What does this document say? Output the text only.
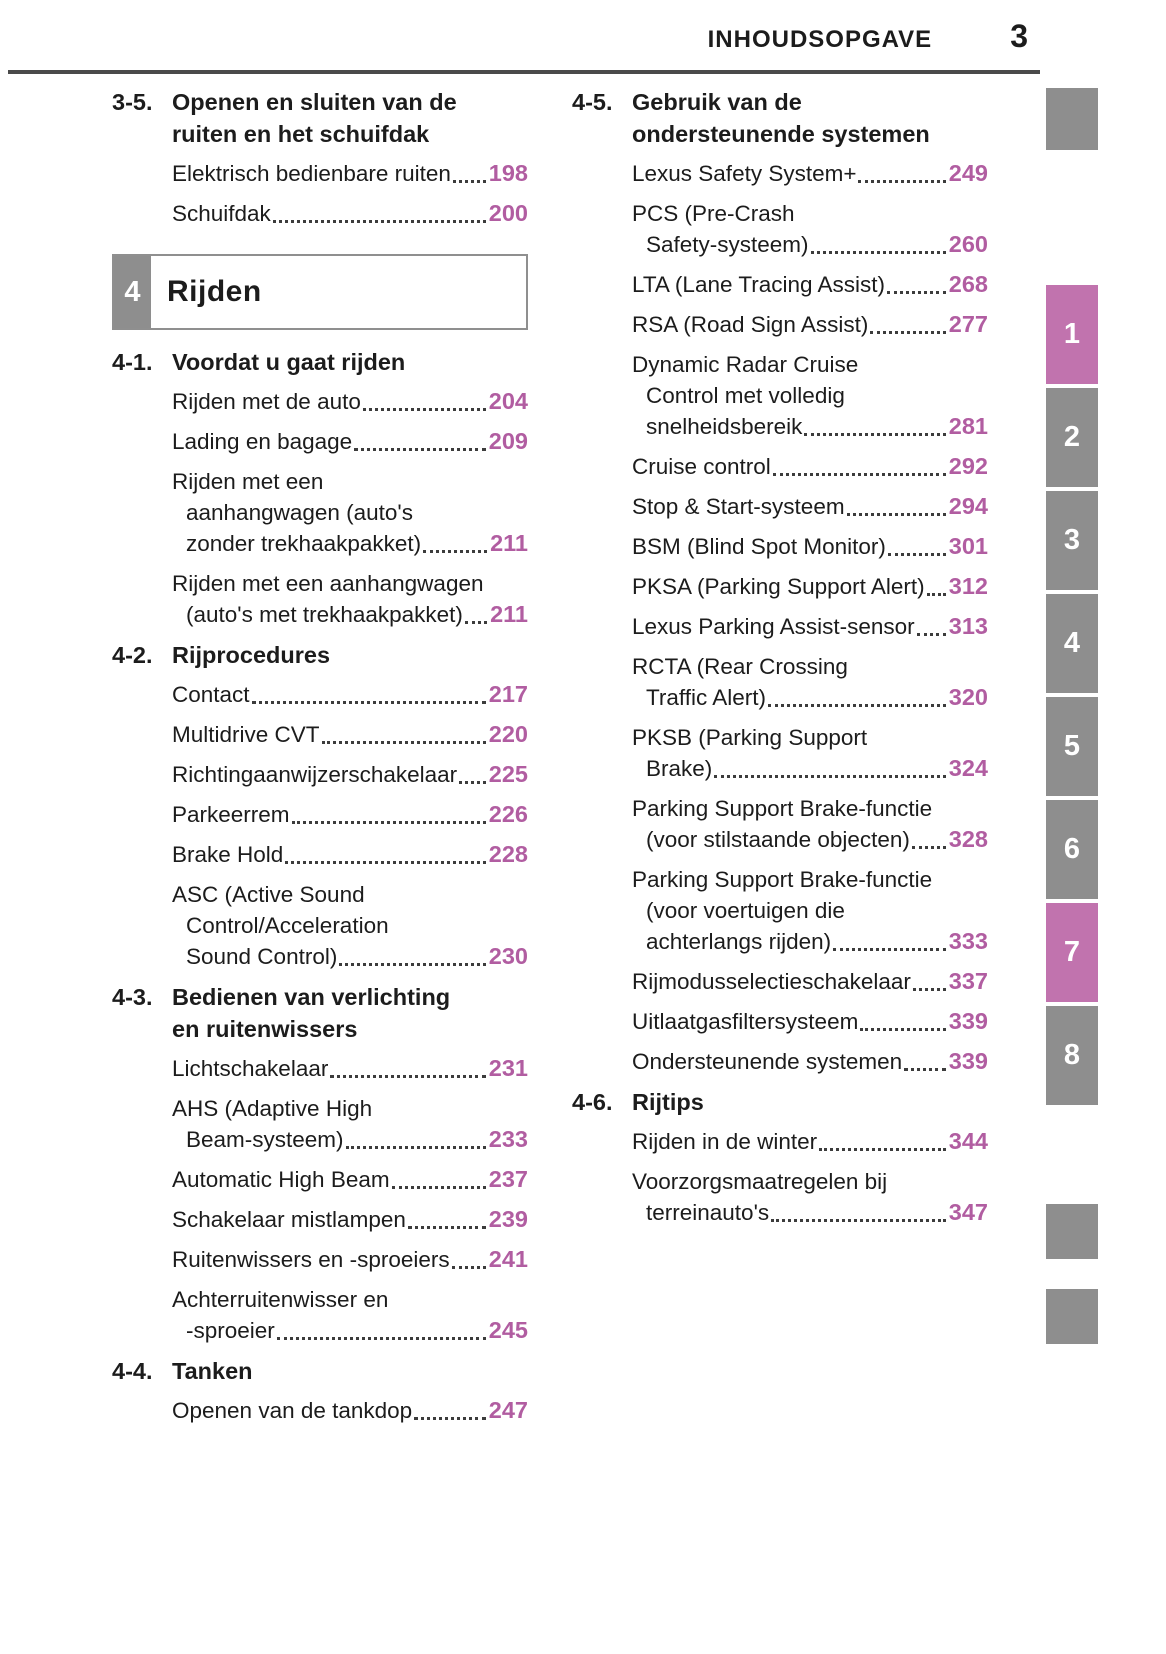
INHOUDSOPGAVE 3
3-5. Openen en sluiten van de
ruiten en het schuifdak
Elektrisch bedienbare ruiten 198
Schuifdak	200
4 Rijden
4-1. Voordat u gaat rijden
Rijden met de auto	204
Lading en bagage	209
Rijden met een
aanhangwagen (auto's
zonder trekhaakpakket)	211
Rijden met een aanhangwagen
(auto's met trekhaakpakket) 211
4-2. Rijprocedures
Contact	217
Multidrive CVT	220
Richtingaanwijzerschakelaar 225
Parkeerrem	226
Brake Hold	228
ASC (Active Sound
Control/Acceleration
Sound Control)	230
4-3. Bedienen van verlichting
en ruitenwissers
Lichtschakelaar	231
AHS (Adaptive High
Beam-systeem)	233
Automatic High Beam	237
Schakelaar mistlampen	239
Ruitenwissers en -sproeiers 241
Achterruitenwisser en
-sproeier	245
4-4. Tanken
Openen van de tankdop	247
4-5. Gebruik van de
ondersteunende systemen
Lexus Safety System+	249
PCS (Pre-Crash
Safety-systeem)	260
LTA (Lane Tracing Assist)	268
RSA (Road Sign Assist)	277
Dynamic Radar Cruise
Control met volledig
snelheidsbereik	281
Cruise control	292
Stop & Start-systeem	294
BSM (Blind Spot Monitor)	301
PKSA (Parking Support Alert) 312
Lexus Parking Assist-sensor 313
RCTA (Rear Crossing
Traffic Alert)	320
PKSB (Parking Support
Brake)	324
Parking Support Brake-functie
(voor stilstaande objecten) 328
Parking Support Brake-functie
(voor voertuigen die
achterlangs rijden)	333
Rijmodusselectieschakelaar 337
Uitlaatgasfiltersysteem	339
Ondersteunende systemen 339
4-6. Rijtips
Rijden in de winter	344
Voorzorgsmaatregelen bij
terreinauto's	347
1
2
3
4
5
6
7
8
